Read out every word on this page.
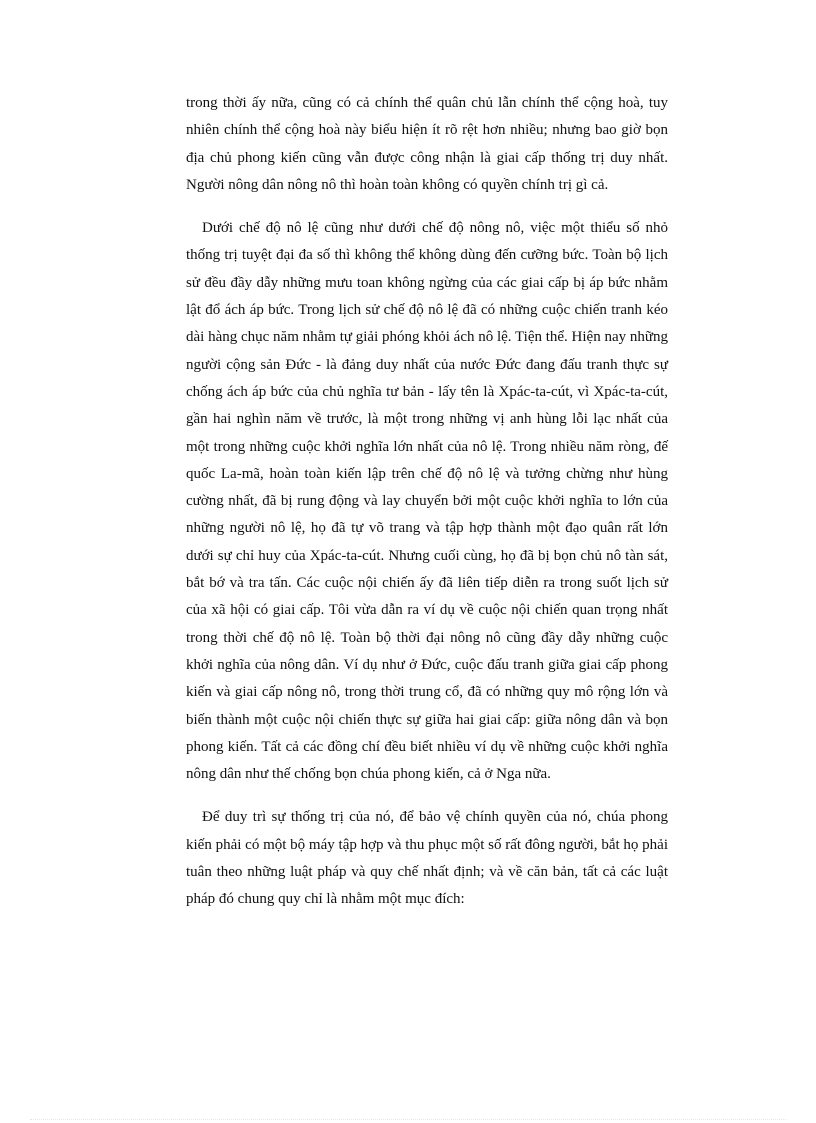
trong thời ấy nữa, cũng có cả chính thể quân chủ lẫn chính thể cộng hoà, tuy nhiên chính thể cộng hoà này biểu hiện ít rõ rệt hơn nhiều; nhưng bao giờ bọn địa chủ phong kiến cũng vẫn được công nhận là giai cấp thống trị duy nhất. Người nông dân nông nô thì hoàn toàn không có quyền chính trị gì cả.

Dưới chế độ nô lệ cũng như dưới chế độ nông nô, việc một thiểu số nhỏ thống trị tuyệt đại đa số thì không thể không dùng đến cưỡng bức. Toàn bộ lịch sử đều đầy dẫy những mưu toan không ngừng của các giai cấp bị áp bức nhằm lật đổ ách áp bức. Trong lịch sử chế độ nô lệ đã có những cuộc chiến tranh kéo dài hàng chục năm nhằm tự giải phóng khỏi ách nô lệ. Tiện thể. Hiện nay những người cộng sản Đức - là đảng duy nhất của nước Đức đang đấu tranh thực sự chống ách áp bức của chủ nghĩa tư bản - lấy tên là Xpác-ta-cút, vì Xpác-ta-cút, gần hai nghìn năm về trước, là một trong những vị anh hùng lỗi lạc nhất của một trong những cuộc khởi nghĩa lớn nhất của nô lệ. Trong nhiều năm ròng, đế quốc La-mã, hoàn toàn kiến lập trên chế độ nô lệ và tưởng chừng như hùng cường nhất, đã bị rung động và lay chuyển bởi một cuộc khởi nghĩa to lớn của những người nô lệ, họ đã tự võ trang và tập hợp thành một đạo quân rất lớn dưới sự chỉ huy của Xpác-ta-cút. Nhưng cuối cùng, họ đã bị bọn chủ nô tàn sát, bắt bớ và tra tấn. Các cuộc nội chiến ấy đã liên tiếp diễn ra trong suốt lịch sử của xã hội có giai cấp. Tôi vừa dẫn ra ví dụ về cuộc nội chiến quan trọng nhất trong thời chế độ nô lệ. Toàn bộ thời đại nông nô cũng đầy dẫy những cuộc khởi nghĩa của nông dân. Ví dụ như ở Đức, cuộc đấu tranh giữa giai cấp phong kiến và giai cấp nông nô, trong thời trung cổ, đã có những quy mô rộng lớn và biến thành một cuộc nội chiến thực sự giữa hai giai cấp: giữa nông dân và bọn phong kiến. Tất cả các đồng chí đều biết nhiều ví dụ về những cuộc khởi nghĩa nông dân như thế chống bọn chúa phong kiến, cả ở Nga nữa.

Để duy trì sự thống trị của nó, để bảo vệ chính quyền của nó, chúa phong kiến phải có một bộ máy tập hợp và thu phục một số rất đông người, bắt họ phải tuân theo những luật pháp và quy chế nhất định; và về căn bản, tất cả các luật pháp đó chung quy chỉ là nhằm một mục đích:
